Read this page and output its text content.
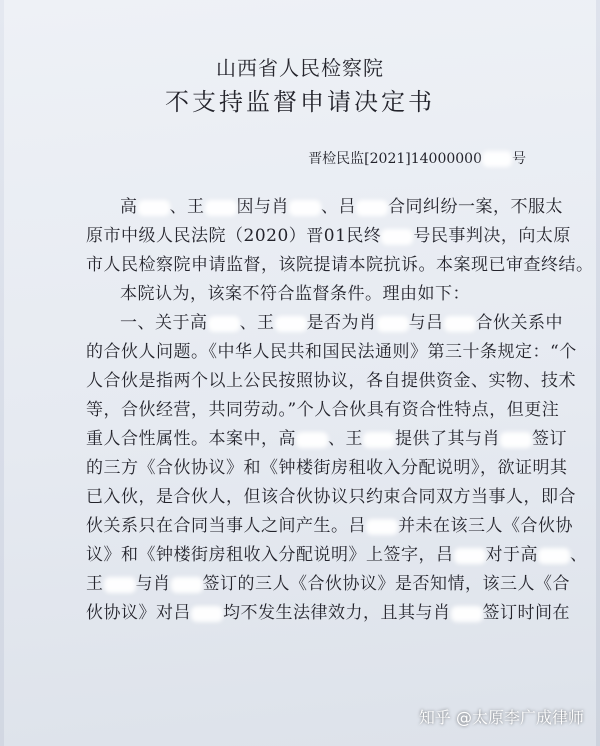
山西省人民检察院
不支持监督申请决定书
晋检民监[2021]14000000 号
高 、王 因与肖 、吕 合同纠纷一案，不服太
原市中级人民法院（2020）晋01民终 号民事判决，向太原
市人民检察院申请监督，该院提请本院抗诉。本案现已审查终结。
本院认为，该案不符合监督条件。理由如下：
一、关于高 、王 是否为肖 与吕 合伙关系中
的合伙人问题。《中华人民共和国民法通则》第三十条规定：“个
人合伙是指两个以上公民按照协议，各自提供资金、实物、技术
等，合伙经营，共同劳动。”个人合伙具有资合性特点，但更注
重人合性属性。本案中，高 、王 提供了其与肖 签订
的三方《合伙协议》和《钟楼街房租收入分配说明》，欲证明其
已入伙，是合伙人，但该合伙协议只约束合同双方当事人，即合
伙关系只在合同当事人之间产生。吕 并未在该三人《合伙协
议》和《钟楼街房租收入分配说明》上签字，吕 对于高 、
王 与肖 签订的三人《合伙协议》是否知情，该三人《合
伙协议》对吕 均不发生法律效力，且其与肖 签订时间在
知乎 @太原李广成律师
